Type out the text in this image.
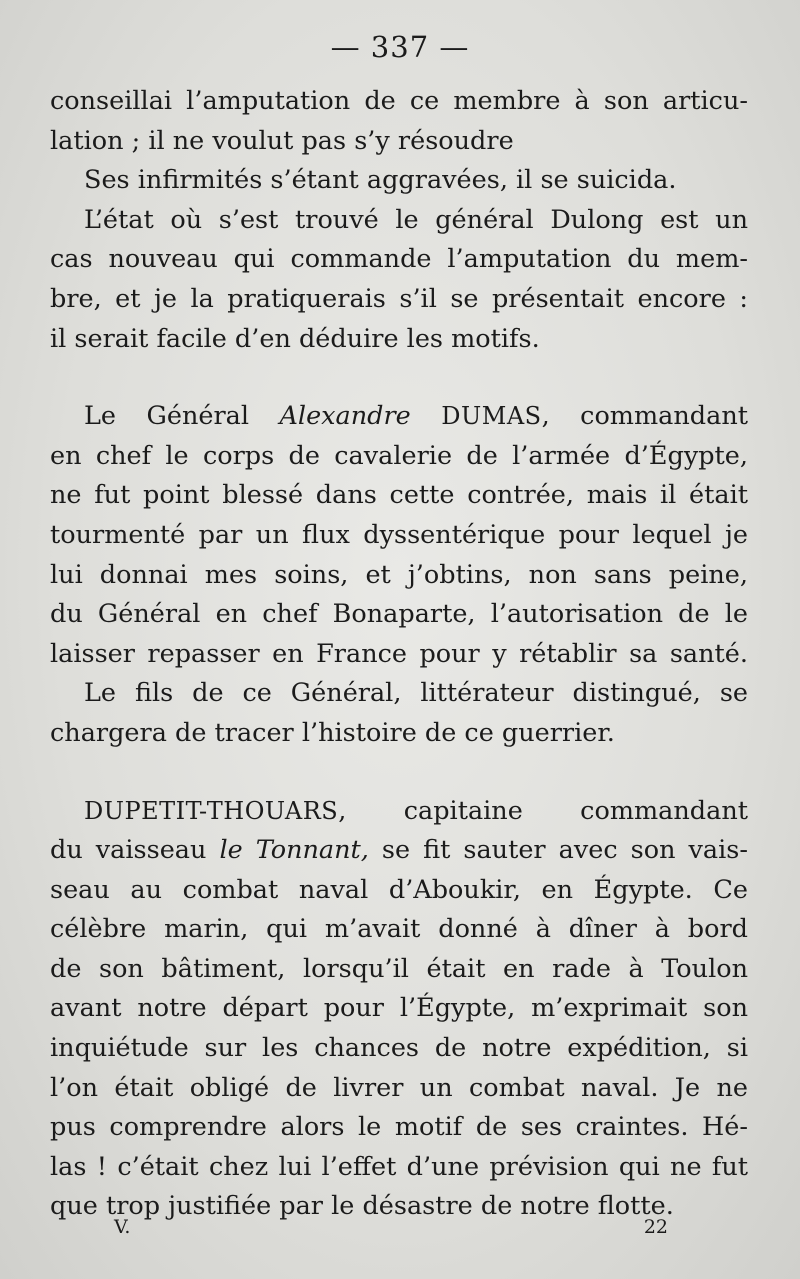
— 337 —
conseillai l’amputation de ce membre à son articu-
lation ; il ne voulut pas s’y résoudre
Ses infirmités s’étant aggravées, il se suicida.
L’état où s’est trouvé le général Dulong est un
cas nouveau qui commande l’amputation du mem-
bre, et je la pratiquerais s’il se présentait encore :
il serait facile d’en déduire les motifs.
Le Général Alexandre DUMAS, commandant
en chef le corps de cavalerie de l’armée d’Égypte,
ne fut point blessé dans cette contrée, mais il était
tourmenté par un flux dyssentérique pour lequel je
lui donnai mes soins, et j’obtins, non sans peine,
du Général en chef Bonaparte, l’autorisation de le
laisser repasser en France pour y rétablir sa santé.
Le fils de ce Général, littérateur distingué, se
chargera de tracer l’histoire de ce guerrier.
DUPETIT-THOUARS, capitaine commandant
du vaisseau le Tonnant, se fit sauter avec son vais-
seau au combat naval d’Aboukir, en Égypte. Ce
célèbre marin, qui m’avait donné à dîner à bord
de son bâtiment, lorsqu’il était en rade à Toulon
avant notre départ pour l’Égypte, m’exprimait son
inquiétude sur les chances de notre expédition, si
l’on était obligé de livrer un combat naval. Je ne
pus comprendre alors le motif de ses craintes. Hé-
las ! c’était chez lui l’effet d’une prévision qui ne fut
que trop justifiée par le désastre de notre flotte.
V.	22
